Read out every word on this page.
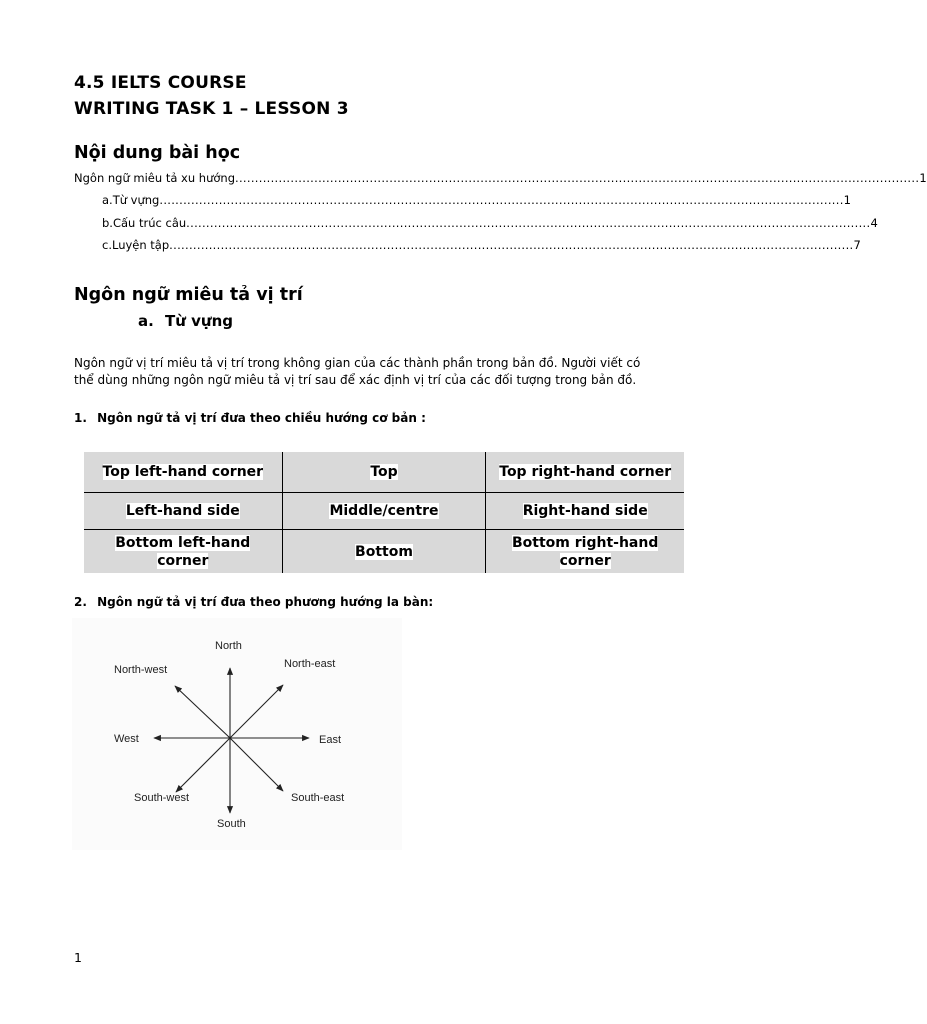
4.5 IELTS COURSE
WRITING TASK 1 – LESSON 3
Nội dung bài học
Ngôn ngữ miêu tả xu hướng ............................................................................................................................................................................. 1
a. Từ vựng ............................................................................................................................................................................. 1
b. Cấu trúc câu ............................................................................................................................................................................. 4
c. Luyện tập ............................................................................................................................................................................. 7
Ngôn ngữ miêu tả vị trí
a. Từ vựng
Ngôn ngữ vị trí miêu tả vị trí trong không gian của các thành phần trong bản đồ. Người viết có
thể dùng những ngôn ngữ miêu tả vị trí sau để xác định vị trí của các đối tượng trong bản đồ.
1. Ngôn ngữ tả vị trí đưa theo chiều hướng cơ bản :
Top left-hand corner	Top	Top right-hand corner
Left-hand side	Middle/centre	Right-hand side
Bottom left-hand corner	Bottom	Bottom right-hand corner
2. Ngôn ngữ tả vị trí đưa theo phương hướng la bàn:
North
North-east
North-west
West	East
South-west	South-east
South
1
